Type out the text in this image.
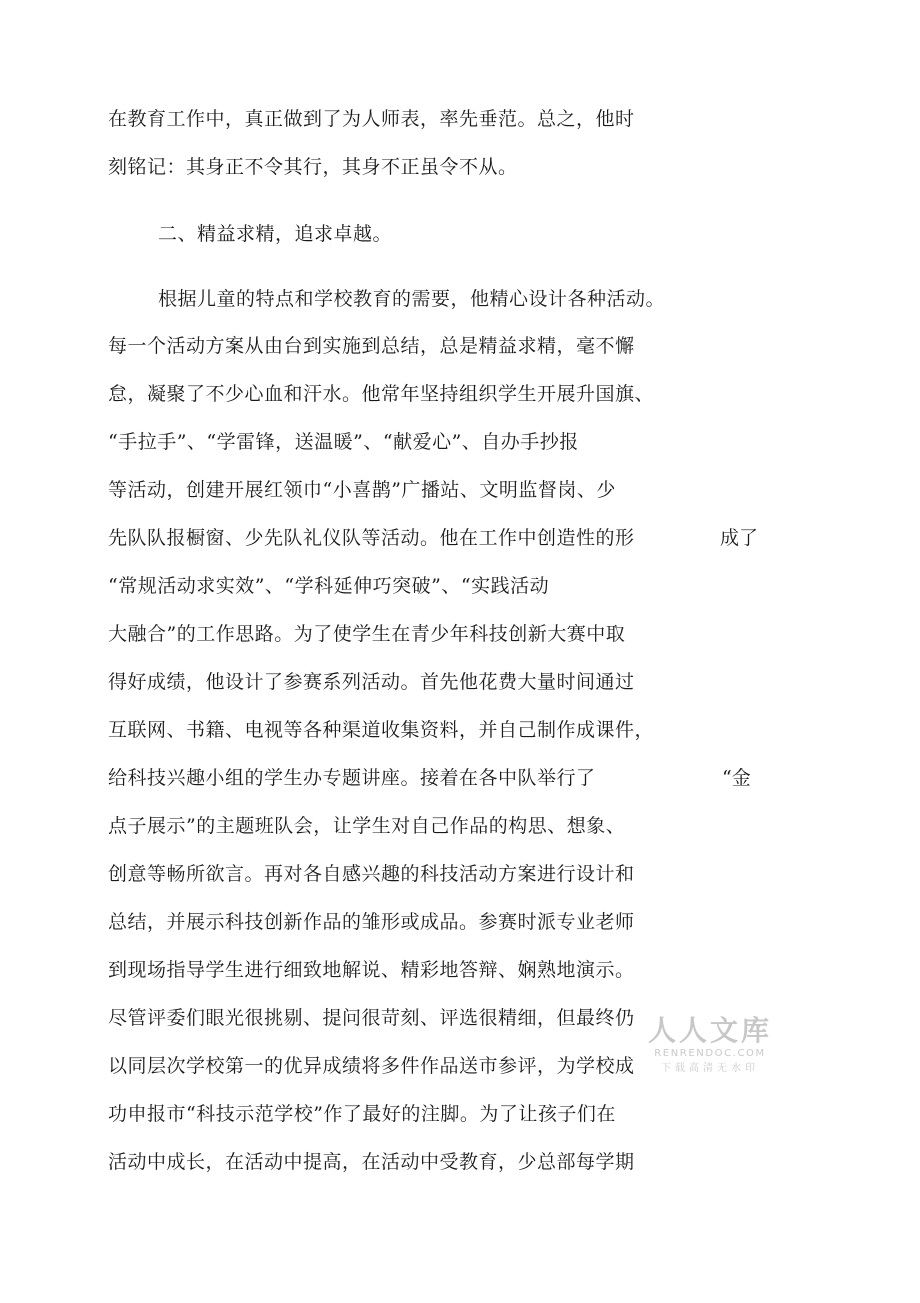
在教育工作中，真正做到了为人师表，率先垂范。总之，他时
刻铭记：其身正不令其行，其身不正虽令不从。
二、精益求精，追求卓越。
根据儿童的特点和学校教育的需要，他精心设计各种活动。
每一个活动方案从由台到实施到总结，总是精益求精，毫不懈
怠，凝聚了不少心血和汗水。他常年坚持组织学生开展升国旗、
“手拉手”、“学雷锋，送温暖”、“献爱心”、自办手抄报
等活动，创建开展红领巾“小喜鹊”广播站、文明监督岗、少
先队队报橱窗、少先队礼仪队等活动。他在工作中创造性的形	成了
“常规活动求实效”、“学科延伸巧突破”、“实践活动
大融合”的工作思路。为了使学生在青少年科技创新大赛中取
得好成绩，他设计了参赛系列活动。首先他花费大量时间通过
互联网、书籍、电视等各种渠道收集资料，并自己制作成课件，
给科技兴趣小组的学生办专题讲座。接着在各中队举行了	“金
点子展示”的主题班队会，让学生对自己作品的构思、想象、
创意等畅所欲言。再对各自感兴趣的科技活动方案进行设计和
总结，并展示科技创新作品的雏形或成品。参赛时派专业老师
到现场指导学生进行细致地解说、精彩地答辩、娴熟地演示。
尽管评委们眼光很挑剔、提问很苛刻、评选很精细，但最终仍
以同层次学校第一的优异成绩将多件作品送市参评，为学校成
功申报市“科技示范学校”作了最好的注脚。为了让孩子们在
活动中成长，在活动中提高，在活动中受教育，少总部每学期
人人文库
RENRENDOC.COM
下载高清无水印
